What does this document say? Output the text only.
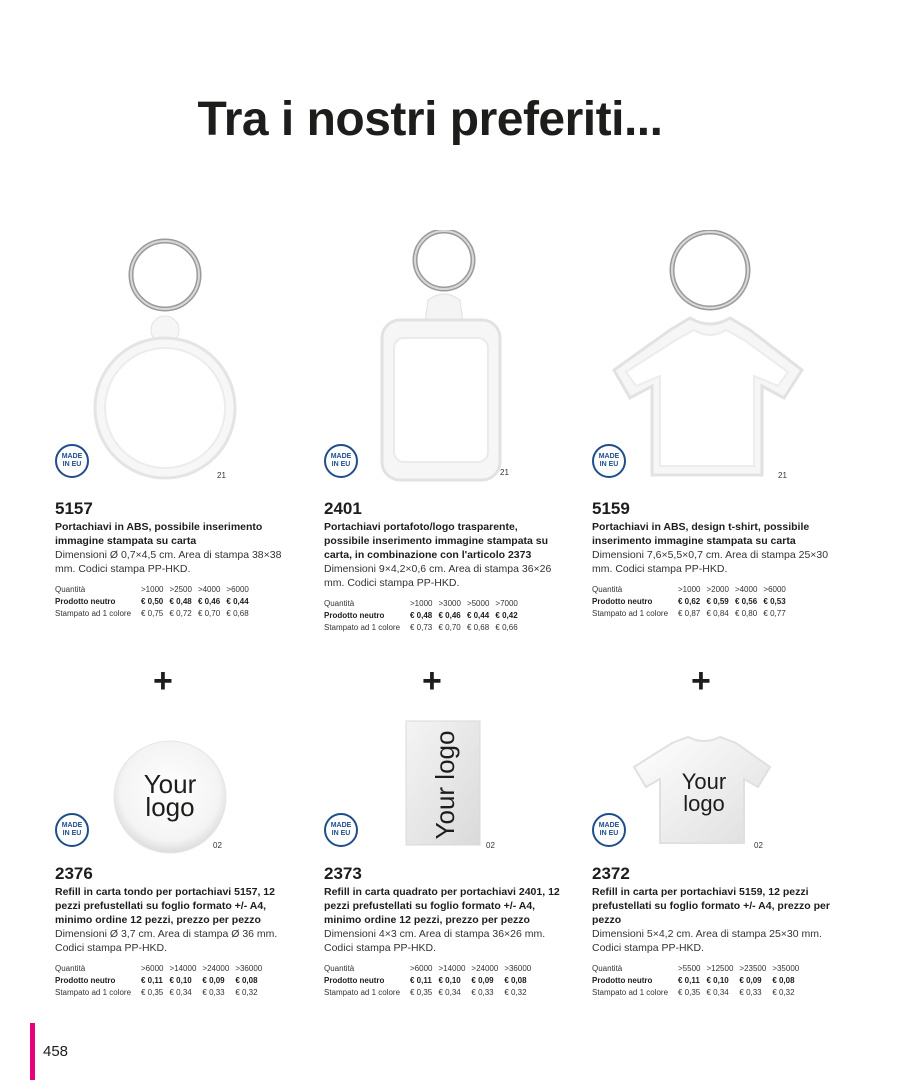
Tra i nostri preferiti...
MADE
IN EU
21
5157
Portachiavi in ABS, possibile inserimento immagine stampata su carta
Dimensioni Ø 0,7×4,5 cm. Area di stampa 38×38 mm. Codici stampa PP-HKD.
Quantità	>1000	>2500	>4000	>6000
Prodotto neutro	€ 0,50	€ 0,48	€ 0,46	€ 0,44
Stampato ad 1 colore	€ 0,75	€ 0,72	€ 0,70	€ 0,68
MADE
IN EU
21
2401
Portachiavi portafoto/logo trasparente, possibile inserimento immagine stampata su carta, in combinazione con l'articolo 2373
Dimensioni 9×4,2×0,6 cm. Area di stampa 36×26 mm. Codici stampa PP-HKD.
Quantità	>1000	>3000	>5000	>7000
Prodotto neutro	€ 0,48	€ 0,46	€ 0,44	€ 0,42
Stampato ad 1 colore	€ 0,73	€ 0,70	€ 0,68	€ 0,66
MADE
IN EU
21
5159
Portachiavi in ABS, design t-shirt, possibile inserimento immagine stampata su carta
Dimensioni 7,6×5,5×0,7 cm. Area di stampa 25×30 mm. Codici stampa PP-HKD.
Quantità	>1000	>2000	>4000	>6000
Prodotto neutro	€ 0,62	€ 0,59	€ 0,56	€ 0,53
Stampato ad 1 colore	€ 0,87	€ 0,84	€ 0,80	€ 0,77
+	+	+
Your
logo
MADE
IN EU
02
2376
Refill in carta tondo per portachiavi 5157, 12 pezzi prefustellati su foglio formato +/- A4, minimo ordine 12 pezzi, prezzo per pezzo
Dimensioni Ø 3,7 cm. Area di stampa Ø 36 mm. Codici stampa PP-HKD.
Quantità	>6000	>14000	>24000	>36000
Prodotto neutro	€ 0,11	€ 0,10	€ 0,09	€ 0,08
Stampato ad 1 colore	€ 0,35	€ 0,34	€ 0,33	€ 0,32
Your logo
MADE
IN EU
02
2373
Refill in carta quadrato per portachiavi 2401, 12 pezzi prefustellati su foglio formato +/- A4, minimo ordine 12 pezzi, prezzo per pezzo
Dimensioni 4×3 cm. Area di stampa 36×26 mm. Codici stampa PP-HKD.
Quantità	>6000	>14000	>24000	>36000
Prodotto neutro	€ 0,11	€ 0,10	€ 0,09	€ 0,08
Stampato ad 1 colore	€ 0,35	€ 0,34	€ 0,33	€ 0,32
Your
logo
MADE
IN EU
02
2372
Refill in carta per portachiavi 5159, 12 pezzi prefustellati su foglio formato +/- A4, prezzo per pezzo
Dimensioni 5×4,2 cm. Area di stampa 25×30 mm. Codici stampa PP-HKD.
Quantità	>5500	>12500	>23500	>35000
Prodotto neutro	€ 0,11	€ 0,10	€ 0,09	€ 0,08
Stampato ad 1 colore	€ 0,35	€ 0,34	€ 0,33	€ 0,32
458
